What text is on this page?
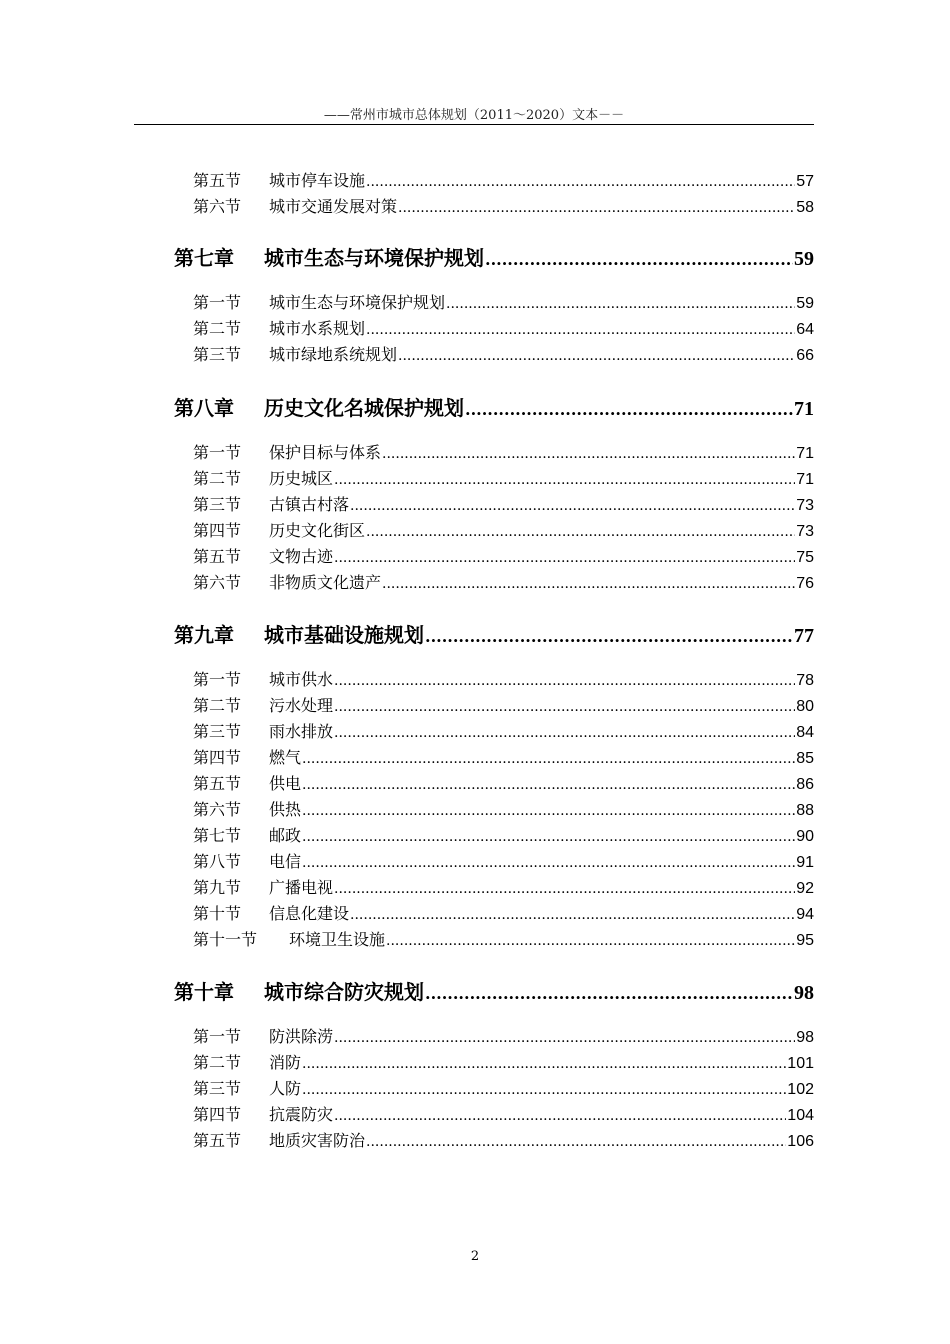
——常州市城市总体规划（2011～2020）文本－－
第五节	城市停车设施 .....	57
第六节	城市交通发展对策 .....	58
第七章	城市生态与环境保护规划 .....	59
第一节	城市生态与环境保护规划 .....	59
第二节	城市水系规划 .....	64
第三节	城市绿地系统规划 .....	66
第八章	历史文化名城保护规划 .....	71
第一节	保护目标与体系 .....	71
第二节	历史城区 .....	71
第三节	古镇古村落 .....	73
第四节	历史文化街区 .....	73
第五节	文物古迹 .....	75
第六节	非物质文化遗产 .....	76
第九章	城市基础设施规划 .....	77
第一节	城市供水 .....	78
第二节	污水处理 .....	80
第三节	雨水排放 .....	84
第四节	燃气 .....	85
第五节	供电 .....	86
第六节	供热 .....	88
第七节	邮政 .....	90
第八节	电信 .....	91
第九节	广播电视 .....	92
第十节	信息化建设 .....	94
第十一节	环境卫生设施 .....	95
第十章	城市综合防灾规划 .....	98
第一节	防洪除涝 .....	98
第二节	消防 .....	101
第三节	人防 .....	102
第四节	抗震防灾 .....	104
第五节	地质灾害防治 .....	106
2
